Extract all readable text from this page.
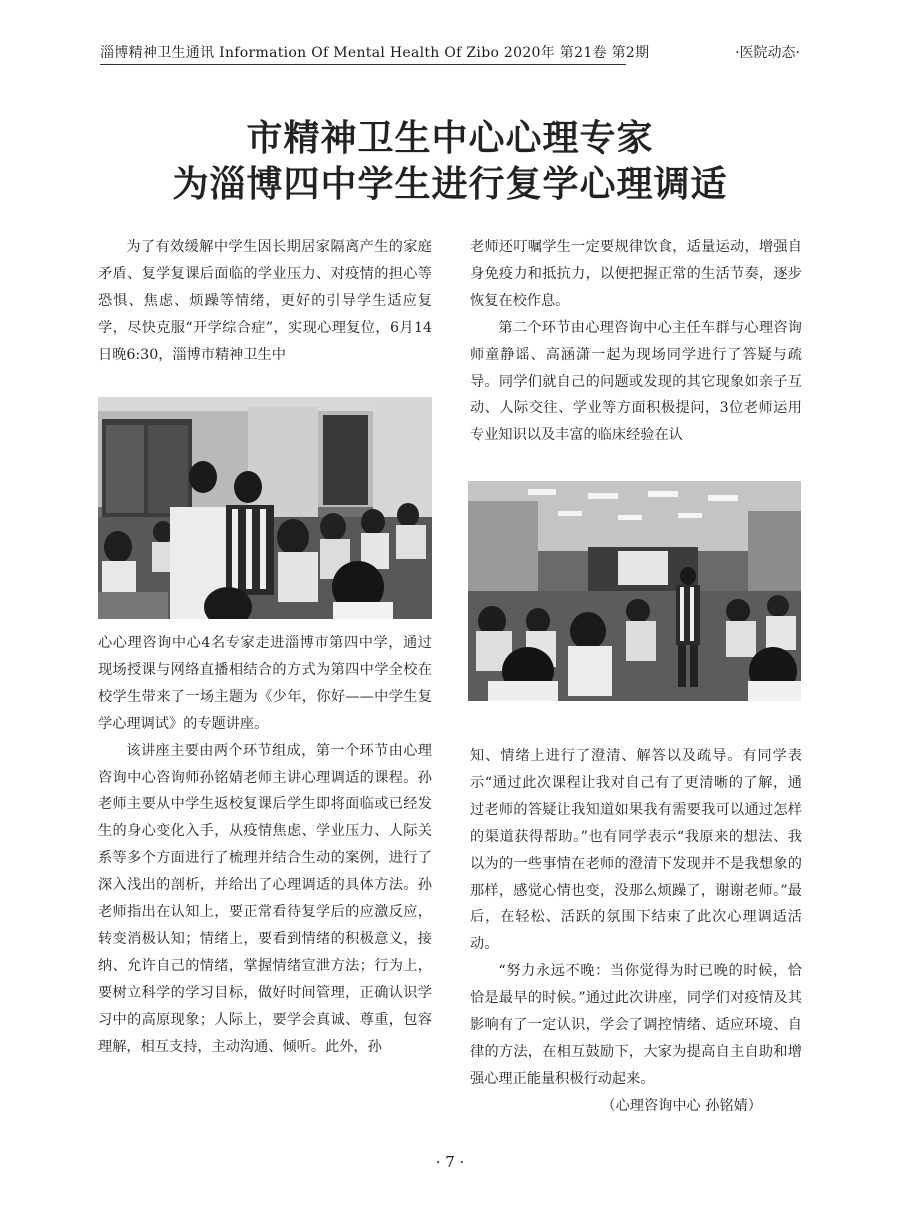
淄博精神卫生通讯 Information Of Mental Health Of Zibo 2020年 第21卷 第2期	·医院动态·
市精神卫生中心心理专家
为淄博四中学生进行复学心理调适

为了有效缓解中学生因长期居家隔离产生的家庭矛盾、复学复课后面临的学业压力、对疫情的担心等恐惧、焦虑、烦躁等情绪，更好的引导学生适应复学，尽快克服“开学综合症”，实现心理复位，6月14日晚6:30，淄博市精神卫生中

心心理咨询中心4名专家走进淄博市第四中学，通过现场授课与网络直播相结合的方式为第四中学全校在校学生带来了一场主题为《少年，你好——中学生复学心理调试》的专题讲座。

该讲座主要由两个环节组成，第一个环节由心理咨询中心咨询师孙铭婧老师主讲心理调适的课程。孙老师主要从中学生返校复课后学生即将面临或已经发生的身心变化入手，从疫情焦虑、学业压力、人际关系等多个方面进行了梳理并结合生动的案例，进行了深入浅出的剖析，并给出了心理调适的具体方法。孙老师指出在认知上，要正常看待复学后的应激反应，转变消极认知；情绪上，要看到情绪的积极意义，接纳、允许自己的情绪，掌握情绪宣泄方法；行为上，要树立科学的学习目标，做好时间管理，正确认识学习中的高原现象；人际上，要学会真诚、尊重，包容理解，相互支持，主动沟通、倾听。此外，孙

老师还叮嘱学生一定要规律饮食，适量运动，增强自身免疫力和抵抗力，以便把握正常的生活节奏，逐步恢复在校作息。

第二个环节由心理咨询中心主任车群与心理咨询师童静谣、高涵潇一起为现场同学进行了答疑与疏导。同学们就自己的问题或发现的其它现象如亲子互动、人际交往、学业等方面积极提问，3位老师运用专业知识以及丰富的临床经验在认

知、情绪上进行了澄清、解答以及疏导。有同学表示“通过此次课程让我对自己有了更清晰的了解，通过老师的答疑让我知道如果我有需要我可以通过怎样的渠道获得帮助。”也有同学表示“我原来的想法、我以为的一些事情在老师的澄清下发现并不是我想象的那样，感觉心情也变，没那么烦躁了，谢谢老师。”最后，在轻松、活跃的氛围下结束了此次心理调适活动。

“努力永远不晚：当你觉得为时已晚的时候，恰恰是最早的时候。”通过此次讲座，同学们对疫情及其影响有了一定认识，学会了调控情绪、适应环境、自律的方法，在相互鼓励下，大家为提高自主自助和增强心理正能量积极行动起来。

（心理咨询中心 孙铭婧）

· 7 ·
